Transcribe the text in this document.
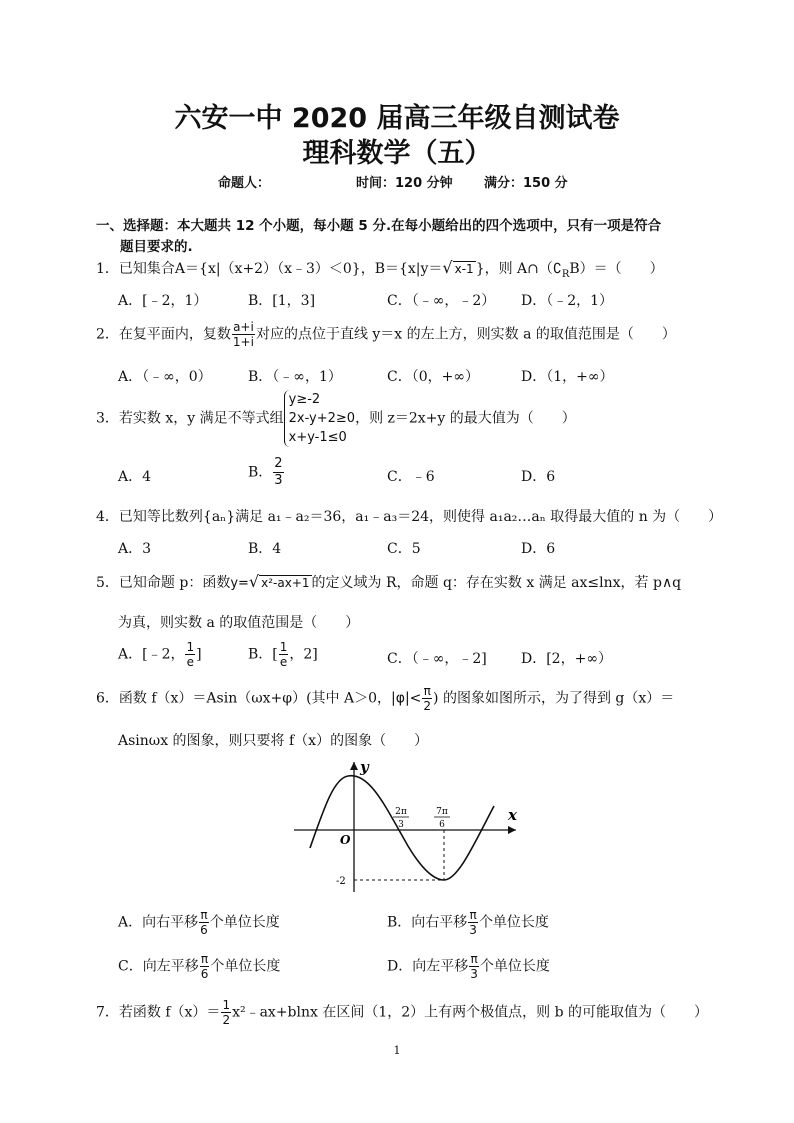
六安一中 2020 届高三年级自测试卷
理科数学（五）
命题人：	时间：120 分钟 满分：150 分
一、选择题：本大题共 12 个小题，每小题 5 分.在每小题给出的四个选项中，只有一项是符合
题目要求的.
1．已知集合A＝{x|（x+2）（x﹣3）＜0}，B＝{x|y＝√ x-1 }，则 $A\cap(∁_RB)=$（　　）
A．[﹣2，1）	B．[1，3]	C．（﹣∞，﹣2） D．（﹣2，1）
2．在复平面内，复数 $\frac{a+i}{1+i}$ 对应的点位于直线 y＝x 的左上方，则实数 a 的取值范围是（　　）
A．（﹣∞，0）	B．（﹣∞，1）	C．（0，+∞）	D．（1，+∞）
3．若实数 x，y 满足不等式组
y≥-2
2x-y+2≥0
x+y-1≤0
，则 z＝2x+y 的最大值为（　　）
A．4	B． $\frac{2}{3}$	C．﹣6	D．6
4．已知等比数列{aₙ}满足 a₁﹣a₂＝36，a₁﹣a₃＝24，则使得 a₁a₂…aₙ 取得最大值的 n 为（　　）
A．3	B．4	C．5	D．6
5．已知命题 p：函数y=√ x²-ax+1 的定义域为 R，命题 q：存在实数 x 满足 ax≤lnx，若 p∧q
为真，则实数 a 的取值范围是（　　）
A．[﹣2， $\frac{1}{e}$ ]	B．[ $\frac{1}{e}$ ，2]	C．（﹣∞，﹣2] D．[2，+∞）
6．函数 f（x）＝Asin（ωx+φ）(其中 A＞0，$|\varphi|< \frac{\pi}{2}$ ) 的图象如图所示，为了得到 g（x）＝
Asinωx 的图象，则只要将 f（x）的图象（　　）
y
x
O
2π
3
7π
6
-2
A．向右平移 $\frac{\pi}{6}$ 个单位长度	B．向右平移 $\frac{\pi}{3}$ 个单位长度
C．向左平移 $\frac{\pi}{6}$ 个单位长度	D．向左平移 $\frac{\pi}{3}$ 个单位长度
7．若函数 $f(x)= \frac{1}{2}$ x²﹣ax+blnx 在区间（1，2）上有两个极值点，则 b 的可能取值为（　　）
1
